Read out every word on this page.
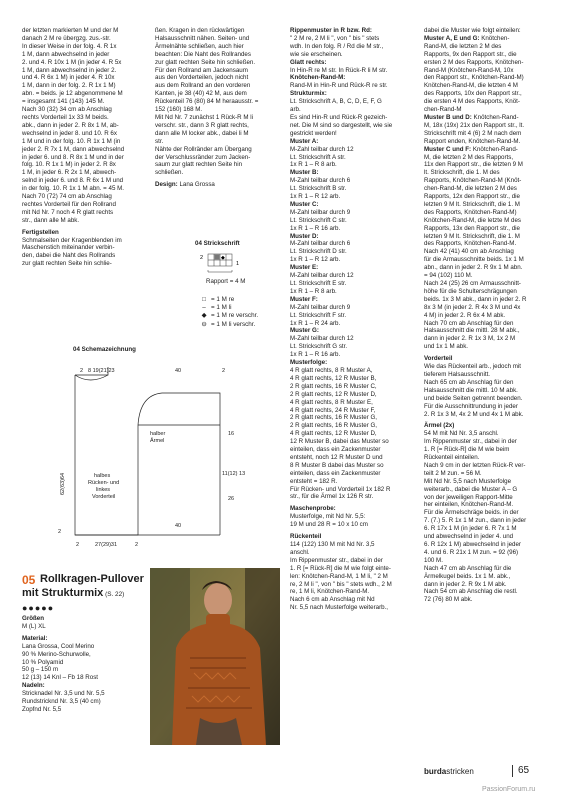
der letzten markierten M und der M

danach 2 M re übergzg. zus.-str.

In dieser Weise in der folg. 4. R 1x

1 M, dann abwechselnd in jeder

2. und 4. R 10x 1 M (in jeder 4. R 5x

1 M, dann abwechselnd in jeder 2.

und 4. R 6x 1 M) in jeder 4. R 10x

1 M, dann in der folg. 2. R 1x 1 M)

abn. = beids. je 12 abgenommene M

= insgesamt 141 (143) 145 M.

Nach 30 (32) 34 cm ab Anschlag

rechts Vorderteil 1x 33 M beids.

abk., dann in jeder 2. R 8x 1 M, ab-

wechselnd in jeder 8. und 10. R 6x

1 M und in der folg. 10. R 1x 1 M (in

jeder 2. R 7x 1 M, dann abwechselnd

in jeder 6. und 8. R 8x 1 M und in der

folg. 10. R 1x 1 M) in jeder 2. R 8x

1 M, in jeder 6. R 2x 1 M, abwech-

selnd in jeder 6. und 8. R 6x 1 M und

in der folg. 10. R 1x 1 M abn. = 45 M.

Nach 70 (72) 74 cm ab Anschlag

rechtes Vorderteil für den Rollrand

mit Nd Nr. 7 noch 4 R glatt rechts

str., dann alle M abk.

Fertigstellen

Schmalseiten der Kragenblenden im

Maschenstich miteinander verbin-

den, dabei die Naht des Rollrands

zur glatt rechten Seite hin schlie-

ßen. Kragen in den rückwärtigen

Halsausschnitt nähen. Seiten- und

Ärmelnähte schließen, auch hier

beachten: Die Naht des Rollrandes

zur glatt rechten Seite hin schließen.

Für den Rollrand am Jackensaum

aus den Vorderteilen, jedoch nicht

aus dem Rollrand an den vorderen

Kanten, je 38 (40) 42 M, aus dem

Rückenteil 76 (80) 84 M heraausstr. =

152 (160) 168 M.

Mit Nd Nr. 7 zunächst 1 Rück-R M li

verschr. str., dann 3 R glatt rechts,

dann alle M locker abk., dabei li M

str.

Nähte der Rollränder am Übergang

der Verschlussränder zum Jacken-

saum zur glatt rechten Seite hin

schließen.

Design: Lana Grossa

Rippenmuster in R bzw. Rd:

" 2 M re, 2 M li ", von " bis " stets

wdh. In den folg. R / Rd die M str.,

wie sie erscheinen.

Glatt rechts:

In Hin-R re M str. In Rück-R li M str.

Knötchen-Rand-M:

Rand-M in Hin-R und Rück-R re str.

Strukturmix:

Lt. Strickschrift A, B, C, D, E, F, G

arb.

Es sind Hin-R und Rück-R gezeich-

net. Die M sind so dargestellt, wie sie

gestrickt werden!

Muster A:

M-Zahl teilbar durch 12

Lt. Strickschrift A str.

1x R 1 – R 8 arb.

Muster B:

M-Zahl teilbar durch 6

Lt. Strickschrift B str.

1x R 1 – R 12 arb.

Muster C:

M-Zahl teilbar durch 9

Lt. Strickschrift C str.

1x R 1 – R 16 arb.

Muster D:

M-Zahl teilbar durch 6

Lt. Strickschrift D str.

1x R 1 – R 12 arb.

Muster E:

M-Zahl teilbar durch 12

Lt. Strickschrift E str.

1x R 1 – R 8 arb.

Muster F:

M-Zahl teilbar durch 9

Lt. Strickschrift F str.

1x R 1 – R 24 arb.

Muster G:

M-Zahl teilbar durch 12

Lt. Strickschrift G str.

1x R 1 – R 16 arb.

Musterfolge:

4 R glatt rechts, 8 R Muster A,

4 R glatt rechts, 12 R Muster B,

2 R glatt rechts, 16 R Muster C,

2 R glatt rechts, 12 R Muster D,

4 R glatt rechts, 8 R Muster E,

4 R glatt rechts, 24 R Muster F,

2 R glatt rechts, 16 R Muster G,

2 R glatt rechts, 16 R Muster G,

4 R glatt rechts, 12 R Muster D,

12 R Muster B, dabei das Muster so

einteilen, dass ein Zackenmuster

entsteht, noch 12 R Muster D und

8 R Muster B dabei das Muster so

einteilen, dass ein Zackenmuster

entsteht = 182 R.

Für Rücken- und Vorderteil 1x 182 R

str., für die Ärmel 1x 126 R str.

Maschenprobe:

Musterfolge, mit Nd Nr. 5,5:

19 M und 28 R = 10 x 10 cm

Rückenteil

114 (122) 130 M mit Nd Nr. 3,5

anschl.

Im Rippenmuster str., dabei in der

1. R [= Rück-R] die M wie folgt einte-

len: Knötchen-Rand-M, 1 M li, " 2 M

re, 2 M li ", von " bis " stets wdh., 2 M

re, 1 M li, Knötchen-Rand-M.

Nach 6 cm ab Anschlag mit Nd

Nr. 5,5 nach Musterfolge weiterarb.,

dabei die Muster wie folgt einteilen:

Muster A, E und G: Knötchen-

Rand-M, die letzten 2 M des

Rapports, 9x den Rapport str., die

ersten 2 M des Rapports, Knötchen-

Rand-M (Knötchen-Rand-M, 10x

den Rapport str., Knötchen-Rand-M)

Knötchen-Rand-M, die letzten 4 M

des Rapports, 10x den Rapport str.,

die ersten 4 M des Rapports, Knöt-

chen-Rand-M

Muster B und D: Knötchen-Rand-

M, 18x (19x) 21x den Rapport str., lt.

Strickschrift mit 4 (6) 2 M nach dem

Rapport enden, Knötchen-Rand-M.

Muster C und F: Knötchen-Rand-

M, die letzten 2 M des Rapports,

11x den Rapport str., die letzten 9 M

lt. Strickschrift, die 1. M des

Rapports, Knötchen-Rand-M (Knöt-

chen-Rand-M, die letzten 2 M des

Rapports, 12x den Rapport str., die

letzten 9 M lt. Strickschrift, die 1. M

des Rapports, Knötchen-Rand-M)

Knötchen-Rand-M, die letzte M des

Rapports, 13x den Rapport str., die

letzten 9 M lt. Strickschrift, die 1. M

des Rapports, Knötchen-Rand-M.

Nach 42 (41) 40 cm ab Anschlag

für die Armausschnitte beids. 1x 1 M

abn., dann in jeder 2. R 9x 1 M abn.

= 94 (102) 110 M.

Nach 24 (25) 26 cm Armausschnitt-

höhe für die Schulterschrägungen

beids. 1x 3 M abk., dann in jeder 2. R

8x 3 M (in jeder 2. R 4x 3 M und 4x

4 M) in jeder 2. R 6x 4 M abk.

Nach 70 cm ab Anschlag für den

Halsausschnitt die mittl. 28 M abk.,

dann in jeder 2. R 1x 3 M, 1x 2 M

und 1x 1 M abk.

Vorderteil

Wie das Rückenteil arb., jedoch mit

tieferem Halsausschnitt.

Nach 65 cm ab Anschlag für den

Halsausschnitt die mittl. 10 M abk.

und beide Seiten getrennt beenden.

Für die Ausschnittrundung in jeder

2. R 1x 3 M, 4x 2 M und 4x 1 M abk.

Ärmel (2x)

54 M mit Nd Nr. 3,5 anschl.

Im Rippenmuster str., dabei in der

1. R [= Rück-R] die M wie beim

Rückenteil einteilen.

Nach 9 cm in der letzten Rück-R ver-

teilt 2 M zun. = 56 M.

Mit Nd Nr. 5,5 nach Musterfolge

weiterarb., dabei die Muster A – G

von der jeweiligen Rapport-Mitte

her einteilen, Knötchen-Rand-M.

Für die Ärmelschräge beids. in der

7. (7.) 5. R 1x 1 M zun., dann in jeder

6. R 17x 1 M (in jeder 6. R 7x 1 M

und abwechselnd in jeder 4. und

6. R 12x 1 M) abwechselnd in jeder

4. und 6. R 21x 1 M zun. = 92 (96)

100 M.

Nach 47 cm ab Anschlag für die

Ärmelkugel beids. 1x 1 M. abk.,

dann in jeder 2. R 9x 1 M abk.

Nach 54 cm ab Anschlag die restl.

72 (76) 80 M abk.

04 Strickschrift
2
1
◆
Rapport = 4 M
□ = 1 M re
– = 1 M li
◆ = 1 M re verschr.
⊖ = 1 M li verschr.
04 Schemazeichnung
2 8 19(21)23	40	2
halber
Ärmel
16
11(12) 13
26
40
halbes
Rücken- und
linkes
Vorderteil
62(63)64
27(29)31
2	2
2
05 Rollkragen-Pullover
mit Strukturmix (S. 22)
●●●●●

Größen

M (L) XL

Material:

Lana Grossa, Cool Merino

90 % Merino-Schurwolle,

10 % Polyamid

50 g – 150 m

12 (13) 14 Knl – Fb 18 Rost

Nadeln:

Stricknadel Nr. 3,5 und Nr. 5,5

Rundstricknd Nr. 3,5 (40 cm)

Zopfnd Nr. 5,5

burdastricken	65
PassionForum.ru
